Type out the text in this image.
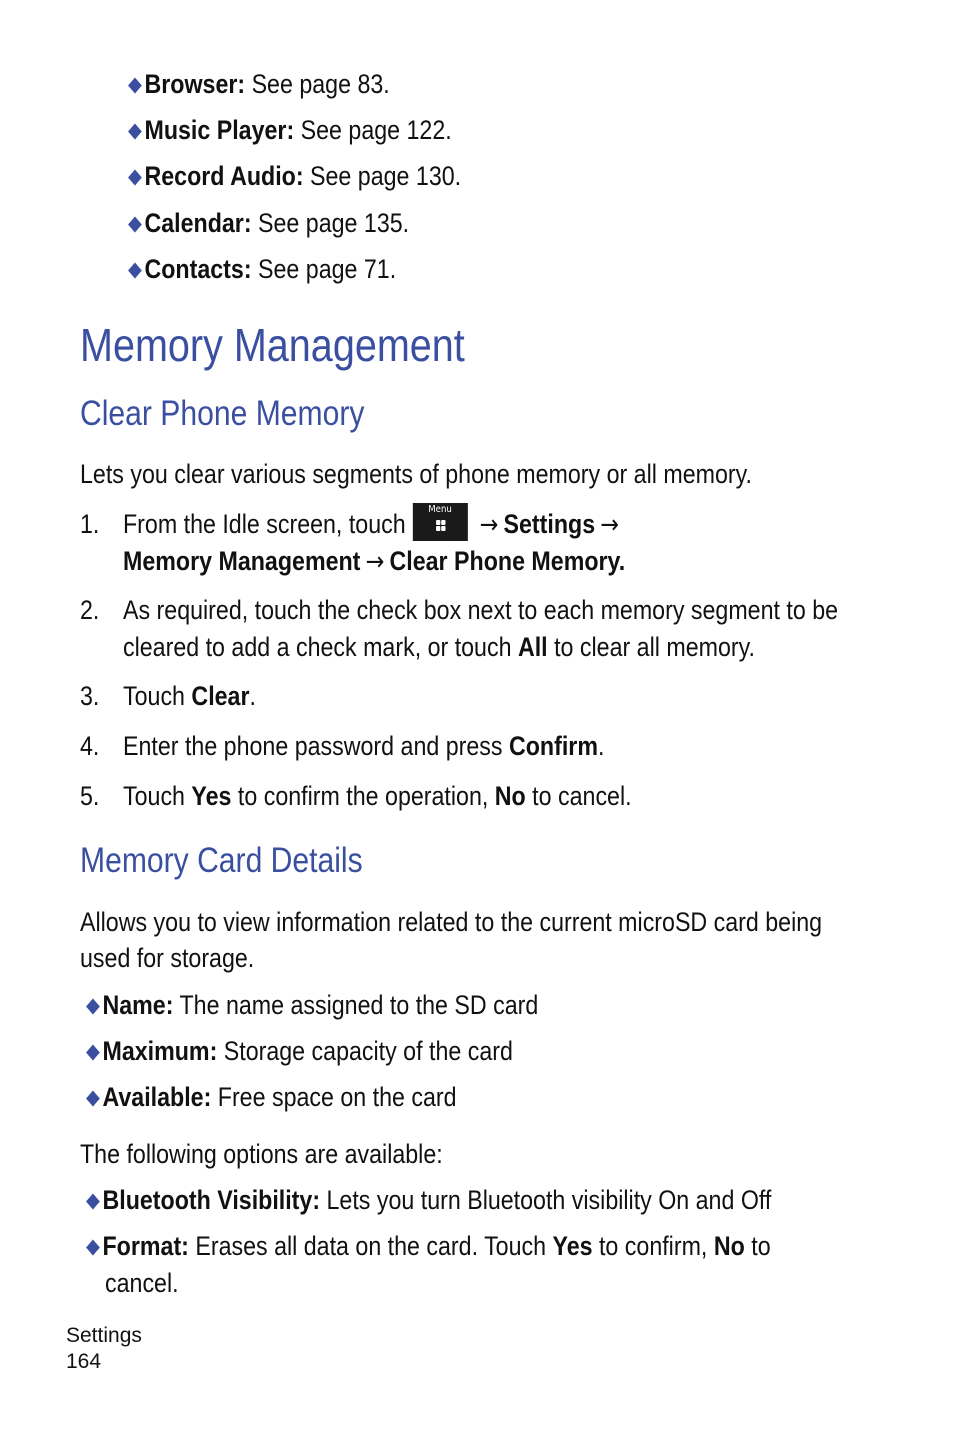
◆Browser: See page 83.
◆Music Player: See page 122.
◆Record Audio: See page 130.
◆Calendar: See page 135.
◆Contacts: See page 71.
Memory Management
Clear Phone Memory
Lets you clear various segments of phone memory or all memory.
1. From the Idle screen, touch	Menu
→ Settings →
Memory Management → Clear Phone Memory.
2. As required, touch the check box next to each memory segment to be
cleared to add a check mark, or touch All to clear all memory.
3. Touch Clear.
4. Enter the phone password and press Confirm.
5. Touch Yes to confirm the operation, No to cancel.
Memory Card Details
Allows you to view information related to the current microSD card being
used for storage.
◆Name: The name assigned to the SD card
◆Maximum: Storage capacity of the card
◆Available: Free space on the card
The following options are available:
◆Bluetooth Visibility: Lets you turn Bluetooth visibility On and Off
◆Format: Erases all data on the card. Touch Yes to confirm, No to
cancel.
Settings
164
